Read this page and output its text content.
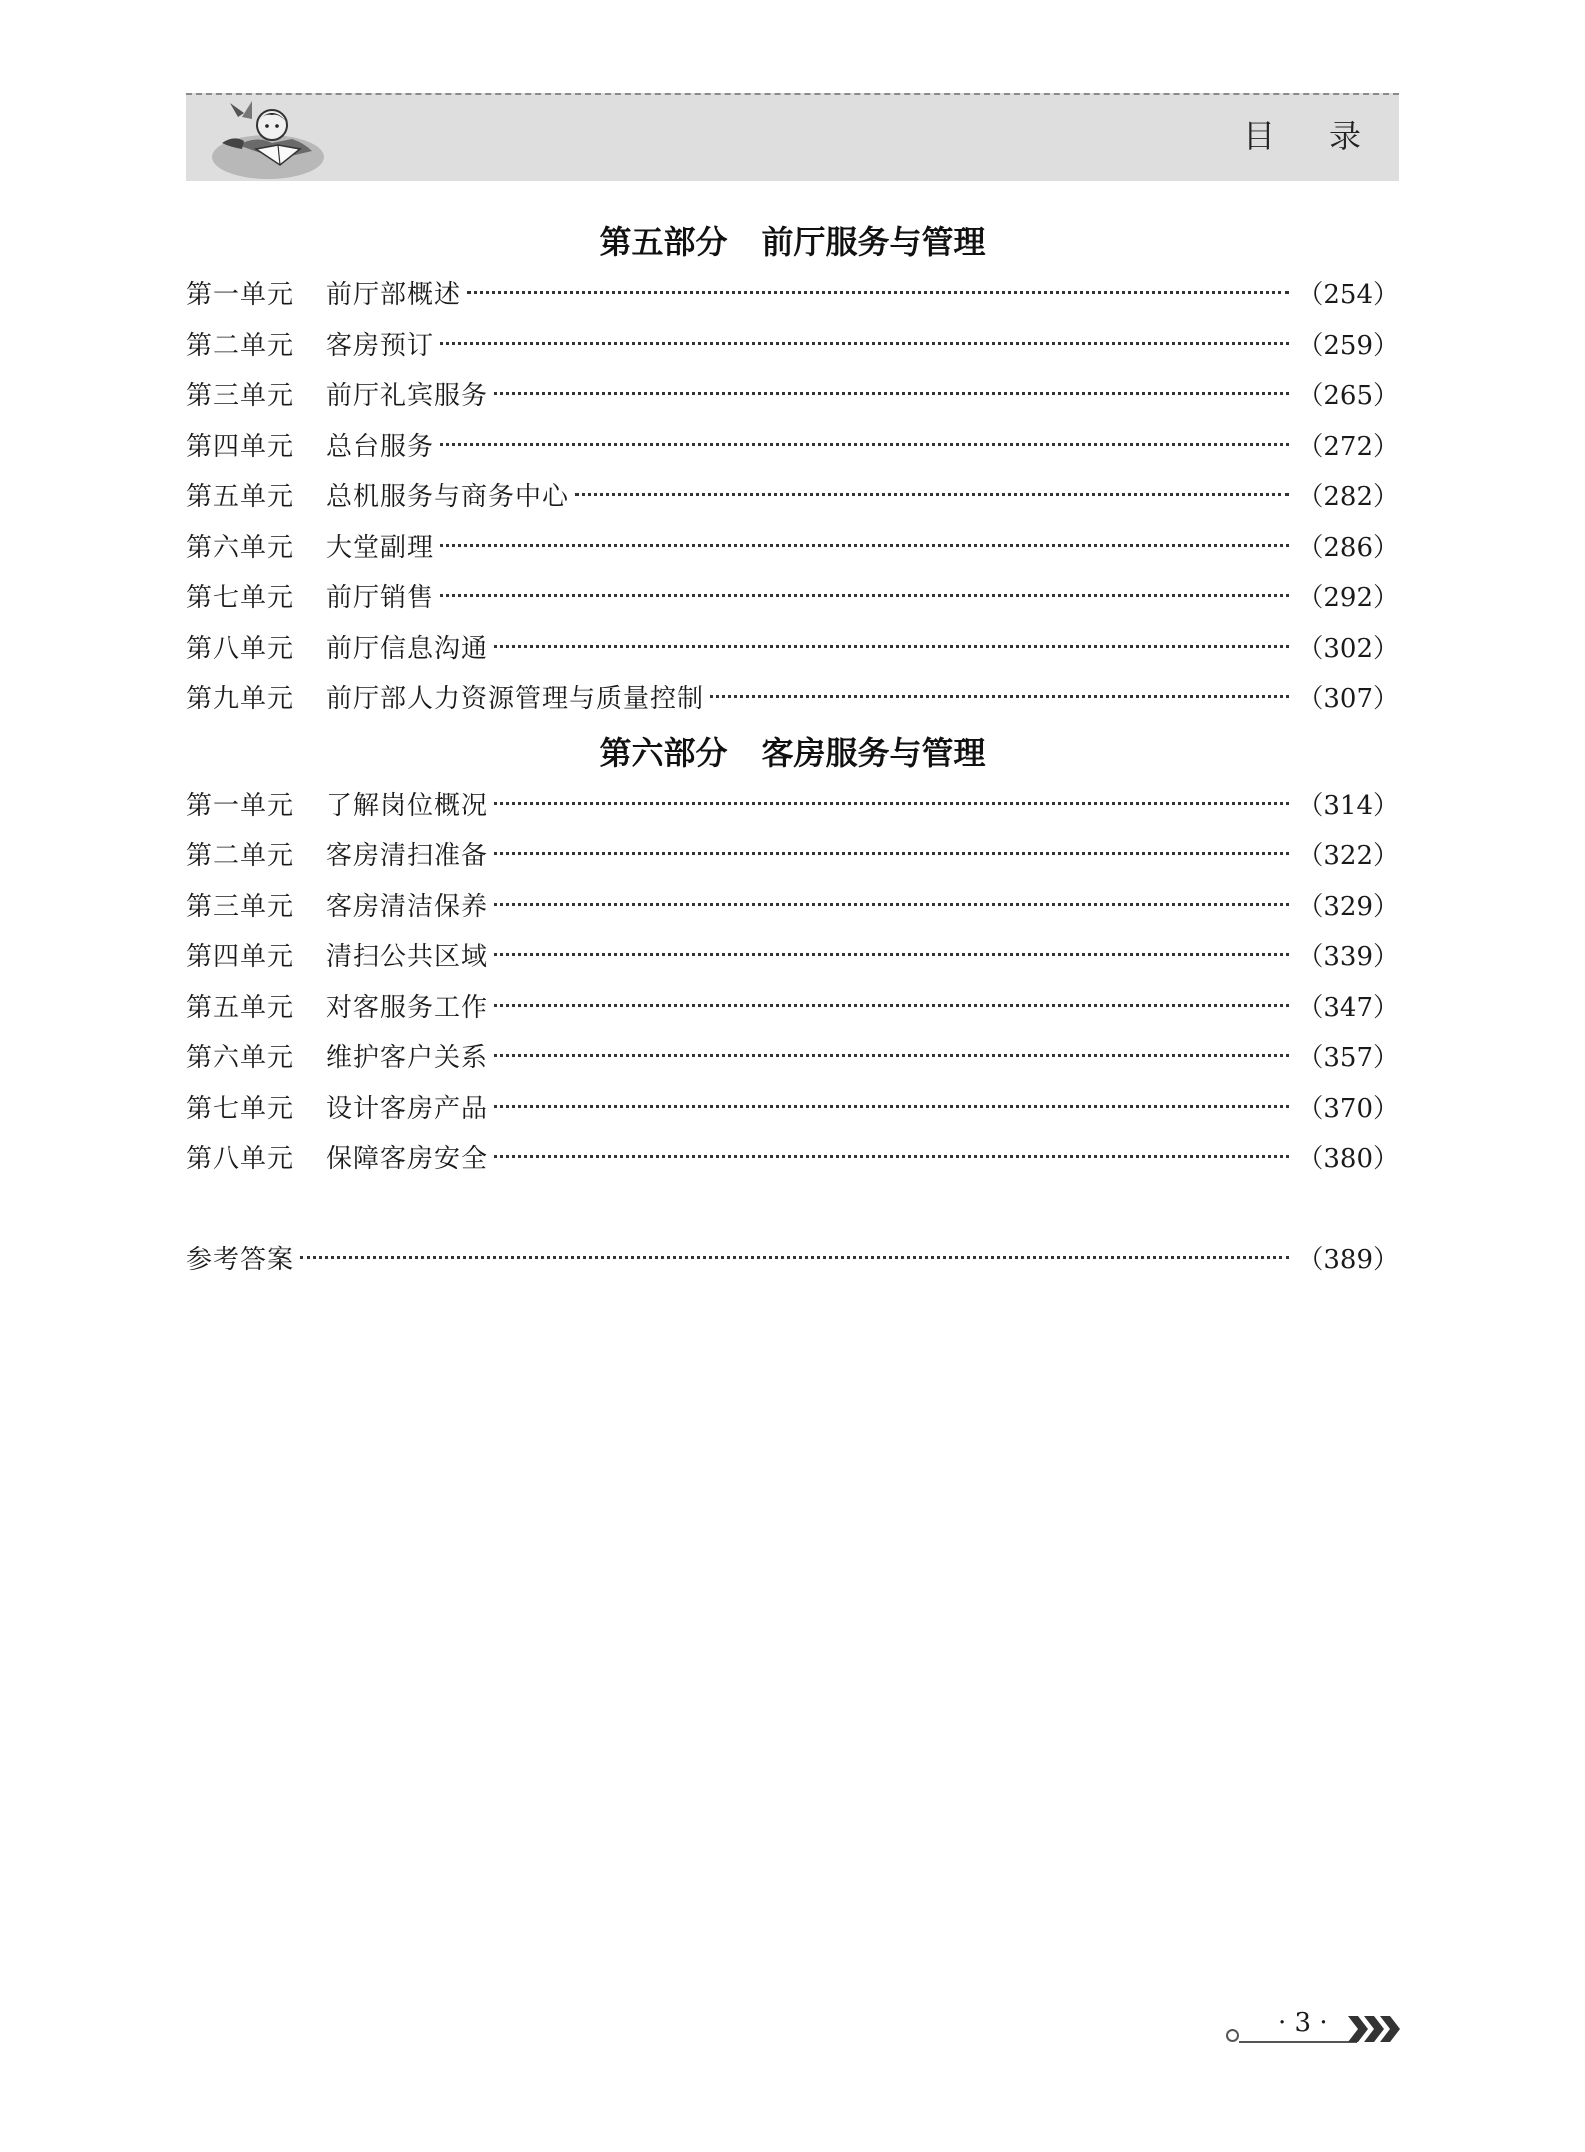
目录
第五部分 前厅服务与管理
第一单元	前厅部概述	（254）
第二单元	客房预订	（259）
第三单元	前厅礼宾服务	（265）
第四单元	总台服务	（272）
第五单元	总机服务与商务中心	（282）
第六单元	大堂副理	（286）
第七单元	前厅销售	（292）
第八单元	前厅信息沟通	（302）
第九单元	前厅部人力资源管理与质量控制	（307）
第六部分 客房服务与管理
第一单元	了解岗位概况	（314）
第二单元	客房清扫准备	（322）
第三单元	客房清洁保养	（329）
第四单元	清扫公共区域	（339）
第五单元	对客服务工作	（347）
第六单元	维护客户关系	（357）
第七单元	设计客房产品	（370）
第八单元	保障客房安全	（380）
参考答案	（389）
· 3 ·
